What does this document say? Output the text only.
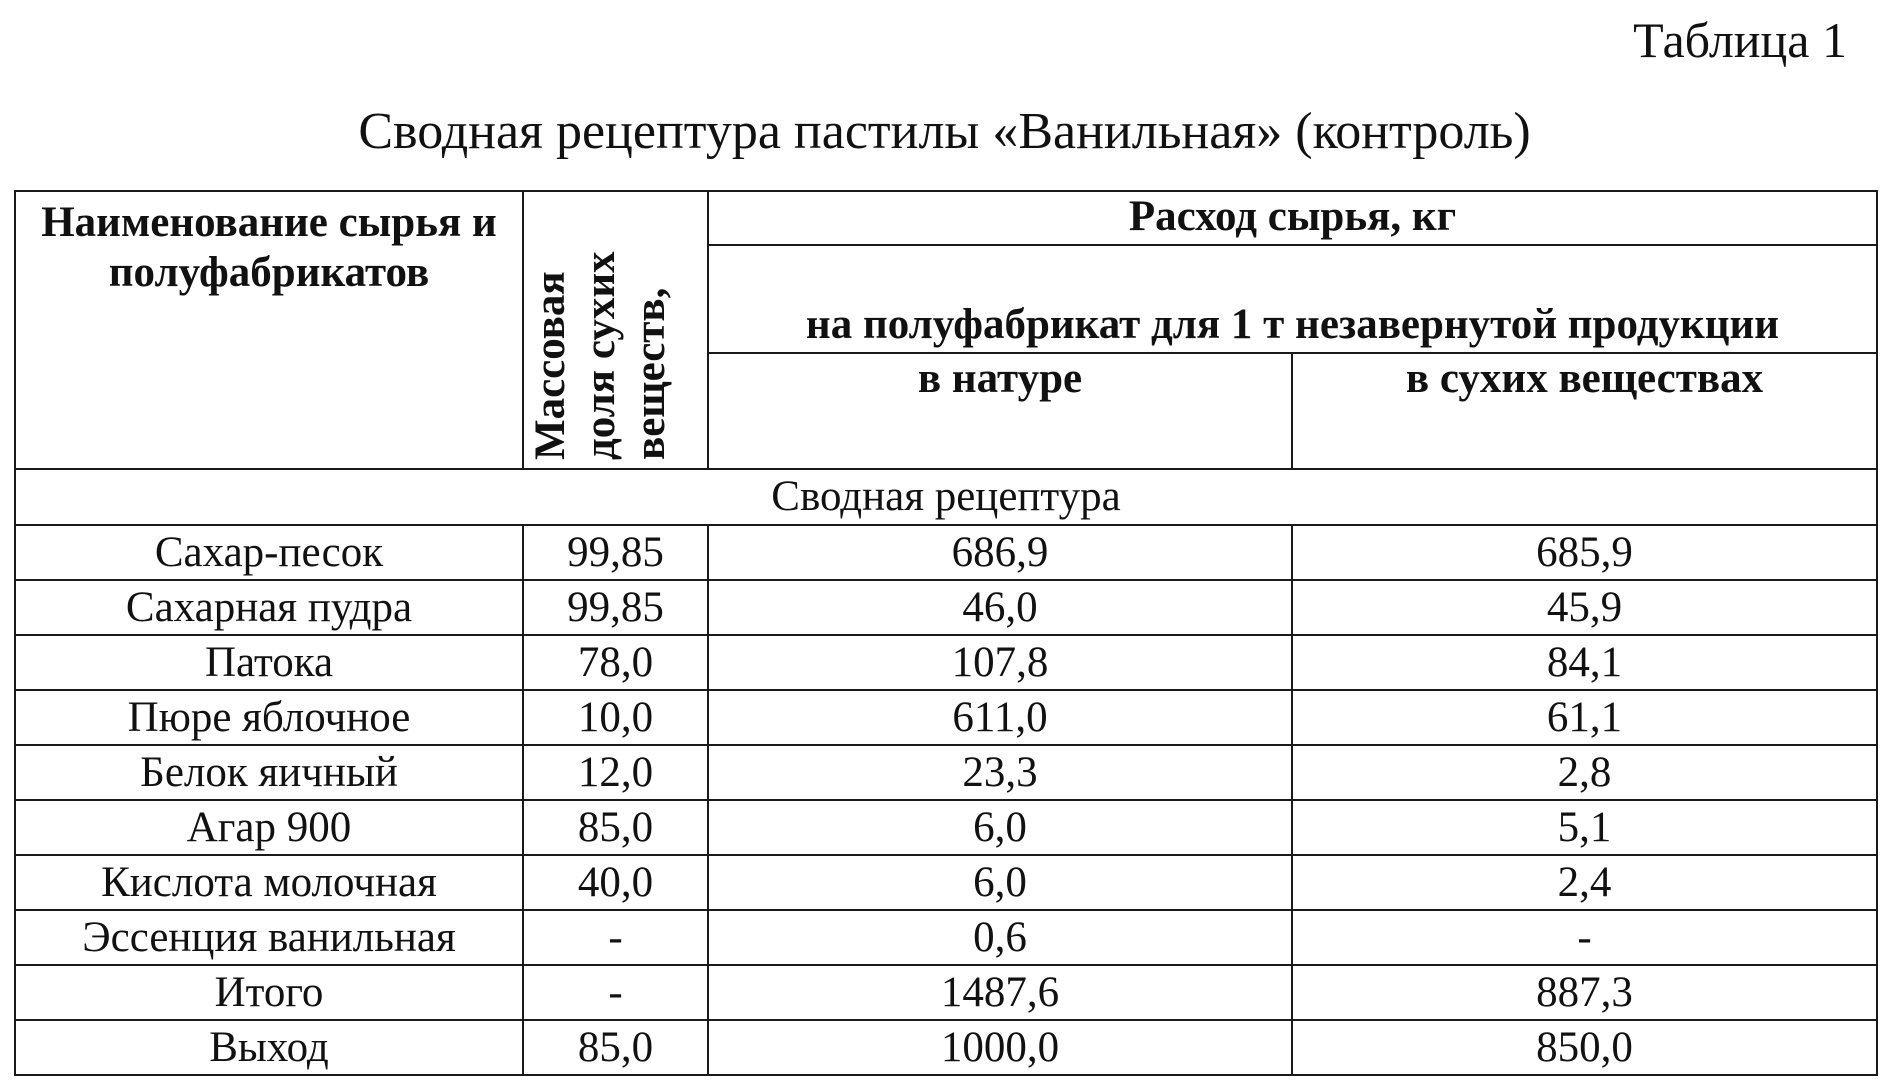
Таблица 1
Сводная рецептура пастилы «Ванильная» (контроль)
Наименование сырья и полуфабрикатов	Массовая доля сухих веществ,	Расход сырья, кг	
		на полуфабрикат для 1 т незавернутой продукции	
		в натуре	в сухих веществах
Сводная рецептура			
Сахар-песок	99,85	686,9	685,9
Сахарная пудра	99,85	46,0	45,9
Патока	78,0	107,8	84,1
Пюре яблочное	10,0	611,0	61,1
Белок яичный	12,0	23,3	2,8
Агар 900	85,0	6,0	5,1
Кислота молочная	40,0	6,0	2,4
Эссенция ванильная	-	0,6	-
Итого	-	1487,6	887,3
Выход	85,0	1000,0	850,0
